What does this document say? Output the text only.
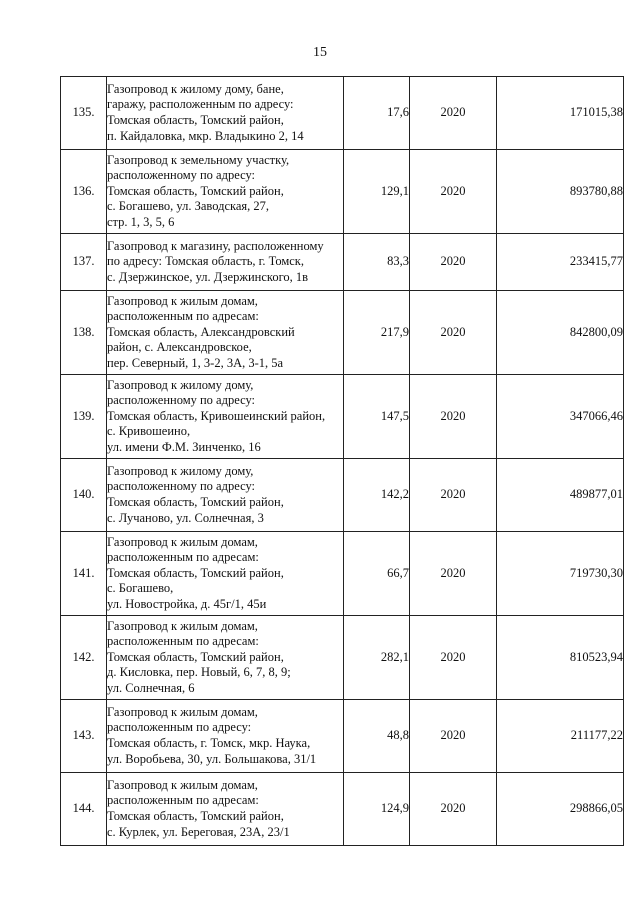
15
135.	Газопровод к жилому дому, бане,
гаражу, расположенным по адресу:
Томская область, Томский район,
п. Кайдаловка, мкр. Владыкино 2, 14	17,6	2020	171015,38
136.	Газопровод к земельному участку,
расположенному по адресу:
Томская область, Томский район,
с. Богашево, ул. Заводская, 27,
стр. 1, 3, 5, 6	129,1	2020	893780,88
137.	Газопровод к магазину, расположенному
по адресу: Томская область, г. Томск,
с. Дзержинское, ул. Дзержинского, 1в	83,3	2020	233415,77
138.	Газопровод к жилым домам,
расположенным по адресам:
Томская область, Александровский
район, с. Александровское,
пер. Северный, 1, 3-2, 3А, 3-1, 5а	217,9	2020	842800,09
139.	Газопровод к жилому дому,
расположенному по адресу:
Томская область, Кривошеинский район,
с. Кривошеино,
ул. имени Ф.М. Зинченко, 16	147,5	2020	347066,46
140.	Газопровод к жилому дому,
расположенному по адресу:
Томская область, Томский район,
с. Лучаново, ул. Солнечная, 3	142,2	2020	489877,01
141.	Газопровод к жилым домам,
расположенным по адресам:
Томская область, Томский район,
с. Богашево,
ул. Новостройка, д. 45г/1, 45и	66,7	2020	719730,30
142.	Газопровод к жилым домам,
расположенным по адресам:
Томская область, Томский район,
д. Кисловка, пер. Новый, 6, 7, 8, 9;
ул. Солнечная, 6	282,1	2020	810523,94
143.	Газопровод к жилым домам,
расположенным по адресу:
Томская область, г. Томск, мкр. Наука,
ул. Воробьева, 30, ул. Большакова, 31/1	48,8	2020	211177,22
144.	Газопровод к жилым домам,
расположенным по адресам:
Томская область, Томский район,
с. Курлек, ул. Береговая, 23А, 23/1	124,9	2020	298866,05
